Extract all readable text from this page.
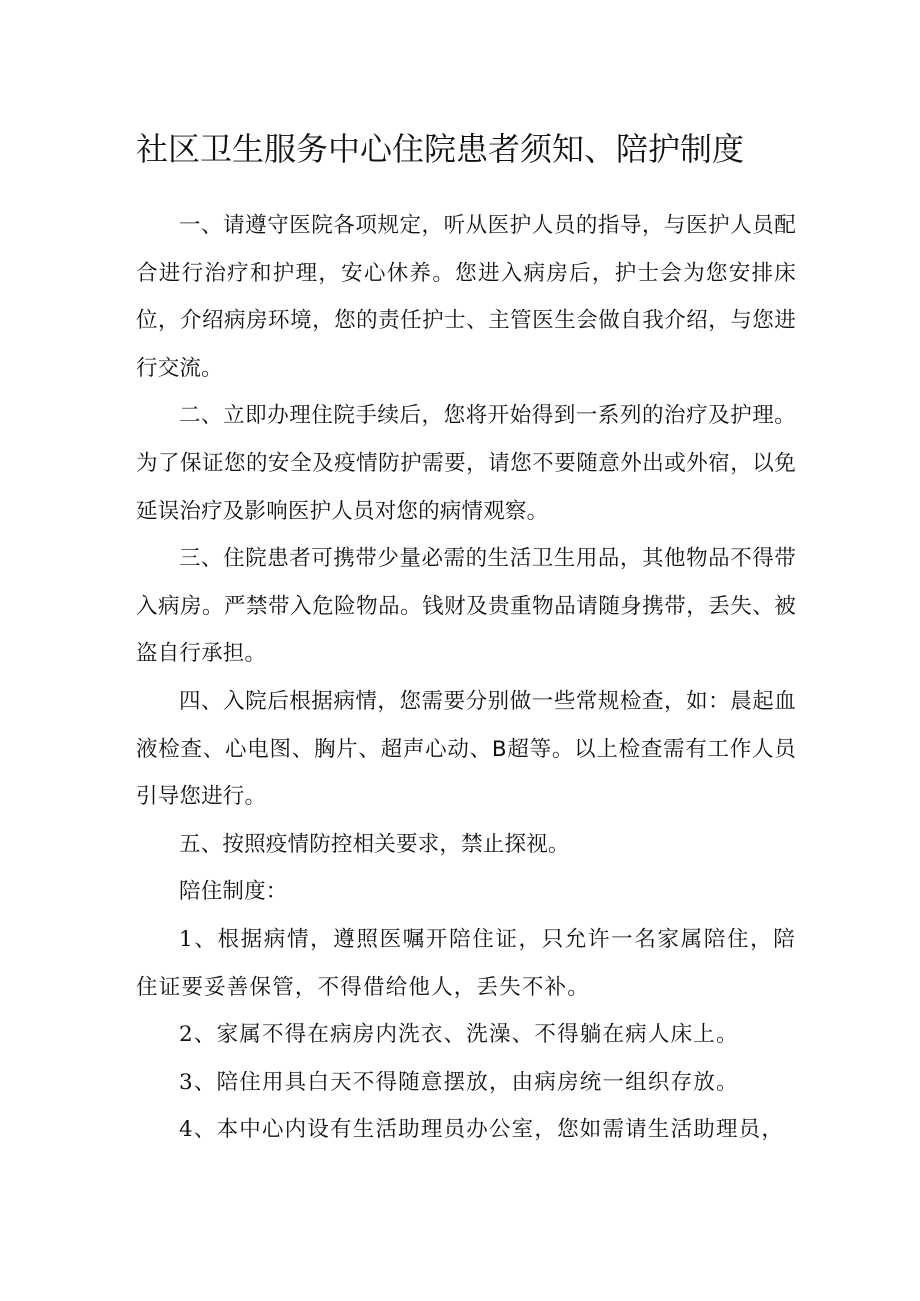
社区卫生服务中心住院患者须知、陪护制度

一、请遵守医院各项规定，听从医护人员的指导，与医护人员配合进行治疗和护理，安心休养。您进入病房后，护士会为您安排床位，介绍病房环境，您的责任护士、主管医生会做自我介绍，与您进行交流。

二、立即办理住院手续后，您将开始得到一系列的治疗及护理。为了保证您的安全及疫情防护需要，请您不要随意外出或外宿，以免延误治疗及影响医护人员对您的病情观察。

三、住院患者可携带少量必需的生活卫生用品，其他物品不得带入病房。严禁带入危险物品。钱财及贵重物品请随身携带，丢失、被盗自行承担。

四、入院后根据病情，您需要分别做一些常规检查，如：晨起血液检查、心电图、胸片、超声心动、B超等。以上检查需有工作人员引导您进行。

五、按照疫情防控相关要求，禁止探视。

陪住制度：

1、根据病情，遵照医嘱开陪住证，只允许一名家属陪住，陪住证要妥善保管，不得借给他人，丢失不补。

2、家属不得在病房内洗衣、洗澡、不得躺在病人床上。

3、陪住用具白天不得随意摆放，由病房统一组织存放。

4、本中心内设有生活助理员办公室，您如需请生活助理员，
